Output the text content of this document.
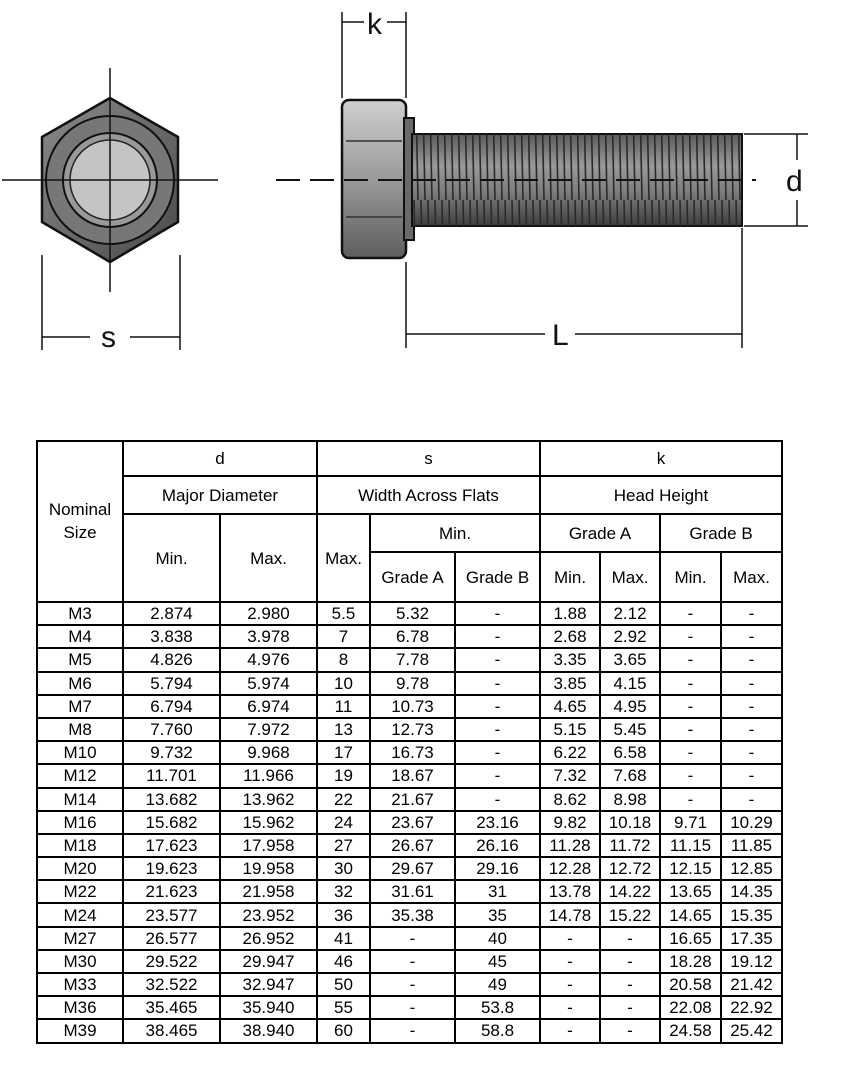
s
k
d
L
Nominal Size	d		s			k			
	Major Diameter		Width Across Flats			Head Height			
	Min.	Max.	Max.	Min.		Grade A		Grade B	
				Grade A	Grade B	Min.	Max.	Min.	Max.
M3	2.874	2.980	5.5	5.32	-	1.88	2.12	-	-
M4	3.838	3.978	7	6.78	-	2.68	2.92	-	-
M5	4.826	4.976	8	7.78	-	3.35	3.65	-	-
M6	5.794	5.974	10	9.78	-	3.85	4.15	-	-
M7	6.794	6.974	11	10.73	-	4.65	4.95	-	-
M8	7.760	7.972	13	12.73	-	5.15	5.45	-	-
M10	9.732	9.968	17	16.73	-	6.22	6.58	-	-
M12	11.701	11.966	19	18.67	-	7.32	7.68	-	-
M14	13.682	13.962	22	21.67	-	8.62	8.98	-	-
M16	15.682	15.962	24	23.67	23.16	9.82	10.18	9.71	10.29
M18	17.623	17.958	27	26.67	26.16	11.28	11.72	11.15	11.85
M20	19.623	19.958	30	29.67	29.16	12.28	12.72	12.15	12.85
M22	21.623	21.958	32	31.61	31	13.78	14.22	13.65	14.35
M24	23.577	23.952	36	35.38	35	14.78	15.22	14.65	15.35
M27	26.577	26.952	41	-	40	-	-	16.65	17.35
M30	29.522	29.947	46	-	45	-	-	18.28	19.12
M33	32.522	32.947	50	-	49	-	-	20.58	21.42
M36	35.465	35.940	55	-	53.8	-	-	22.08	22.92
M39	38.465	38.940	60	-	58.8	-	-	24.58	25.42
